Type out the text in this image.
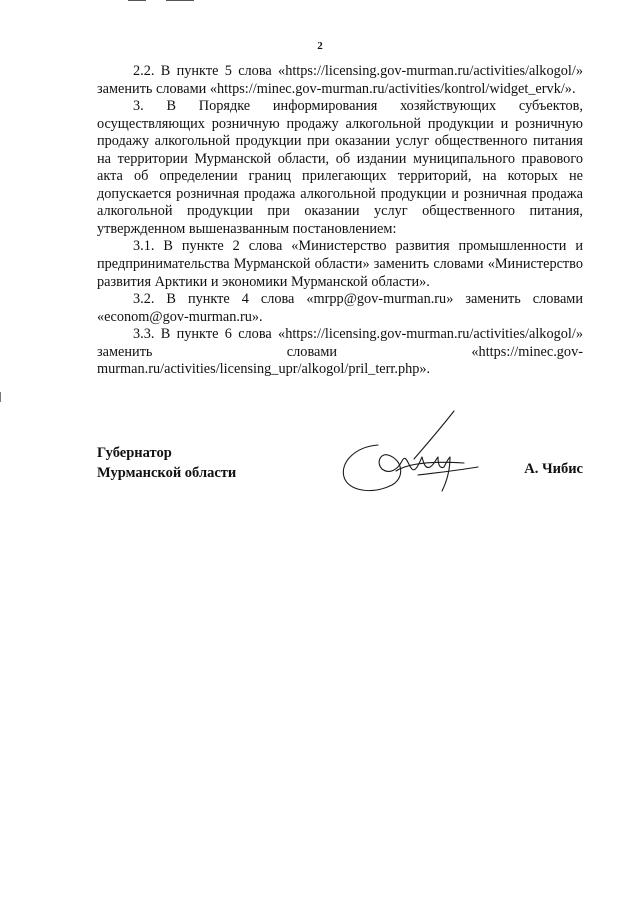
2

2.2. В пункте 5 слова «https://licensing.gov-murman.ru/activities/alkogol/» заменить словами «https://minec.gov-murman.ru/activities/kontrol/widget_ervk/».

3. В Порядке информирования хозяйствующих субъектов, осуществляющих розничную продажу алкогольной продукции и розничную продажу алкогольной продукции при оказании услуг общественного питания на территории Мурманской области, об издании муниципального правового акта об определении границ прилегающих территорий, на которых не допускается розничная продажа алкогольной продукции и розничная продажа алкогольной продукции при оказании услуг общественного питания, утвержденном вышеназванным постановлением:

3.1. В пункте 2 слова «Министерство развития промышленности и предпринимательства Мурманской области» заменить словами «Министерство развития Арктики и экономики Мурманской области».

3.2. В пункте 4 слова «mrpp@gov-murman.ru» заменить словами «econom@gov-murman.ru».

3.3. В пункте 6 слова «https://licensing.gov-murman.ru/activities/alkogol/» заменить словами «https://minec.gov-murman.ru/activities/licensing_upr/alkogol/pril_terr.php».

Губернатор
Мурманской области	А. Чибис
